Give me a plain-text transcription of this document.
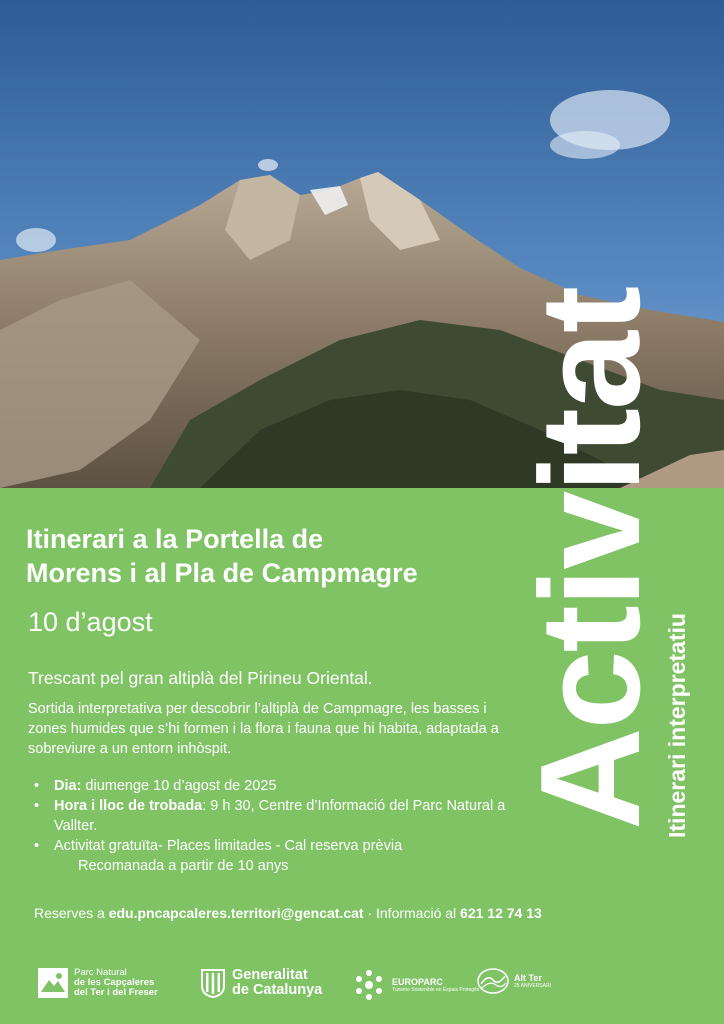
Activitat
Itinerari interpretatiu
Itinerari a la Portella de
Morens i al Pla de Campmagre
10 d’agost
Trescant pel gran altiplà del Pirineu Oriental.
Sortida interpretativa per descobrir l’altiplà de Campmagre, les basses i zones humides que s’hi formen i la flora i fauna que hi habita, adaptada a sobreviure a un entorn inhòspit.
• Dia: diumenge 10 d’agost de 2025
• Hora i lloc de trobada: 9 h 30, Centre d’Informació del Parc Natural a Vallter.
• Activitat gratuïta- Places limitades - Cal reserva prèvia
Recomanada a partir de 10 anys
Reserves a edu.pncapcaleres.territori@gencat.cat · Informació al 621 12 74 13
Parc Natural
de les Capçaleres
del Ter i del Freser
Generalitat
de Catalunya	EUROPARC
Turisme Sostenible en Espais Protegits
Alt Ter
25 ANIVERSARI
